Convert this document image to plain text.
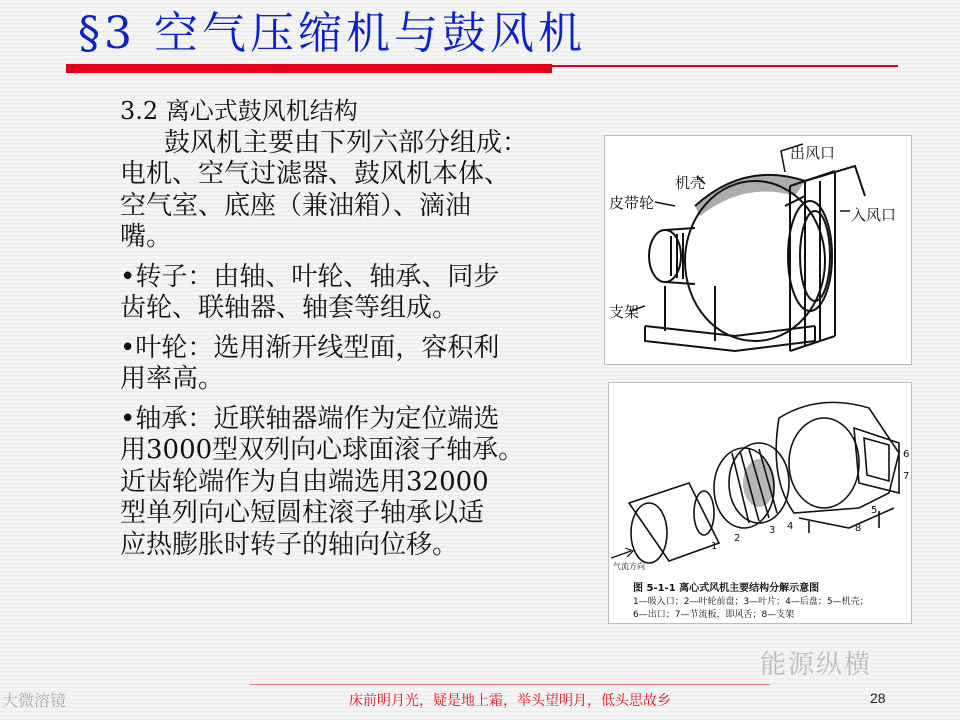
§3 空气压缩机与鼓风机

3.2 离心式鼓风机结构

鼓风机主要由下列六部分组成：

电机、空气过滤器、鼓风机本体、

空气室、底座（兼油箱）、滴油

嘴。

• 转子：由轴、叶轮、轴承、同步

齿轮、联轴器、轴套等组成。

• 叶轮：选用渐开线型面，容积利

用率高。

• 轴承：近联轴器端作为定位端选

用3000型双列向心球面滚子轴承。

近齿轮端作为自由端选用32000

型单列向心短圆柱滚子轴承以适

应热膨胀时转子的轴向位移。

出风口
机壳
皮带轮
入风口
支架
1
2
3 4
5
6
7
8
气流方向
图 5-1-1 离心式风机主要结构分解示意图
1—吸入口；2—叶轮前盘；3—叶片；4—后盘；5—机壳；
6—出口；7—节流板，即风舌；8—支架
能源纵横
大微溶镜	床前明月光，疑是地上霜，举头望明月，低头思故乡	28
